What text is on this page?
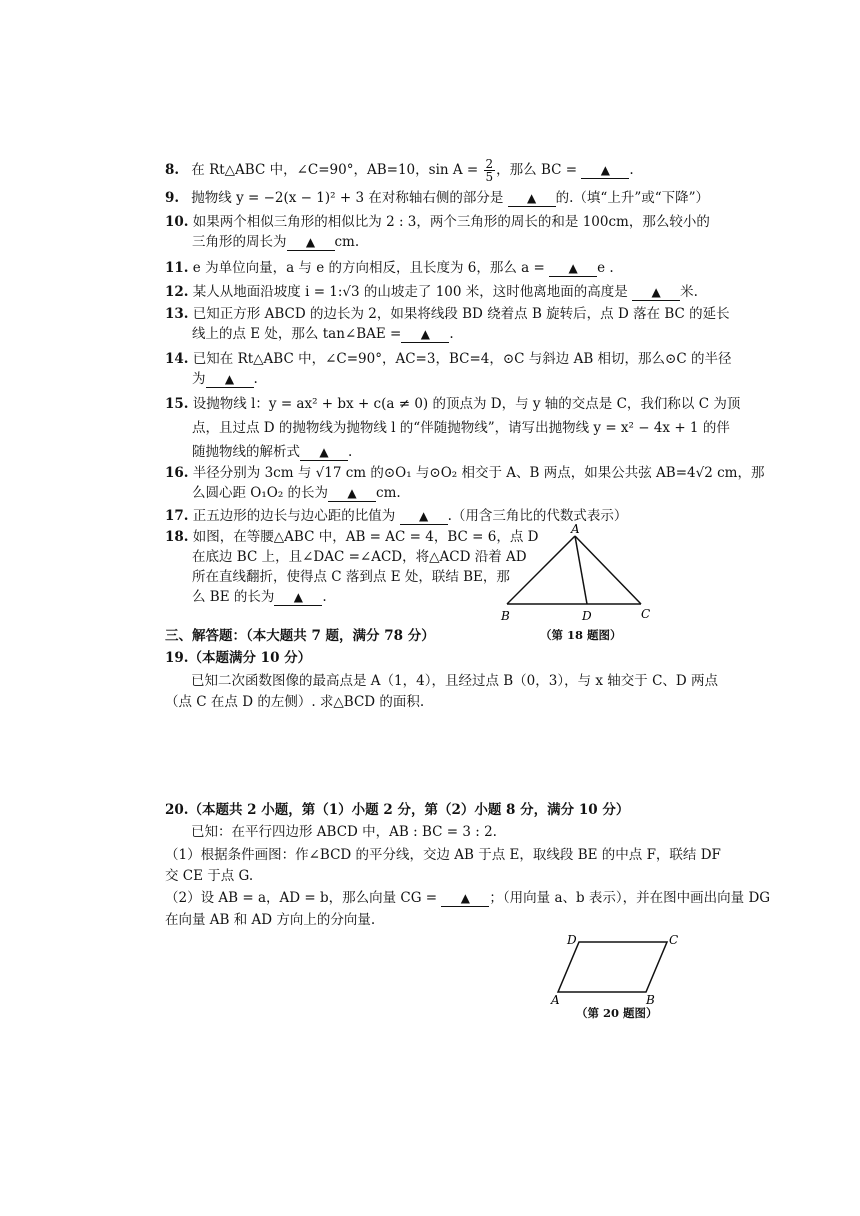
8. 在 Rt△ABC 中，∠C=90°，AB=10，$\sin A = \frac{2}{5}$ ，那么 BC = ▲ .
9. 抛物线 y = −2(x − 1)² + 3 在对称轴右侧的部分是 ▲ 的.（填“上升”或“下降”）
10. 如果两个相似三角形的相似比为 2 : 3，两个三角形的周长的和是 100cm，那么较小的
三角形的周长为 ▲ cm.
11. e 为单位向量，a 与 e 的方向相反，且长度为 6，那么 a = ▲ e .
12. 某人从地面沿坡度 i = 1:√3 的山坡走了 100 米，这时他离地面的高度是 ▲ 米.
13. 已知正方形 ABCD 的边长为 2，如果将线段 BD 绕着点 B 旋转后，点 D 落在 BC 的延长
线上的点 E 处，那么 tan∠BAE = ▲ .
14. 已知在 Rt△ABC 中，∠C=90°，AC=3，BC=4，⊙C 与斜边 AB 相切，那么⊙C 的半径
为 ▲ .
15. 设抛物线 l：y = ax² + bx + c(a ≠ 0) 的顶点为 D，与 y 轴的交点是 C，我们称以 C 为顶
点，且过点 D 的抛物线为抛物线 l 的“伴随抛物线”，请写出抛物线 y = x² − 4x + 1 的伴
随抛物线的解析式 ▲ .
16. 半径分别为 3cm 与 √17 cm 的⊙O₁ 与⊙O₂ 相交于 A、B 两点，如果公共弦 AB=4√2 cm，那
么圆心距 O₁O₂ 的长为 ▲ cm.
17. 正五边形的边长与边心距的比值为 ▲ .（用含三角比的代数式表示）
18. 如图，在等腰△ABC 中，AB = AC = 4，BC = 6，点 D
在底边 BC 上，且∠DAC =∠ACD，将△ACD 沿着 AD
所在直线翻折，使得点 C 落到点 E 处，联结 BE，那
么 BE 的长为 ▲ .
A
B	D	C
（第 18 题图）
三、解答题：（本大题共 7 题，满分 78 分）
19.（本题满分 10 分）
已知二次函数图像的最高点是 A（1，4），且经过点 B（0，3），与 x 轴交于 C、D 两点
（点 C 在点 D 的左侧）. 求△BCD 的面积.
20.（本题共 2 小题，第（1）小题 2 分，第（2）小题 8 分，满分 10 分）
已知：在平行四边形 ABCD 中，AB : BC = 3 : 2.
（1）根据条件画图：作∠BCD 的平分线，交边 AB 于点 E，取线段 BE 的中点 F，联结 DF
交 CE 于点 G.
（2）设 AB = a，AD = b，那么向量 CG = ▲ ；（用向量 a、b 表示），并在图中画出向量 DG
在向量 AB 和 AD 方向上的分向量.
D	C
A	B
（第 20 题图）
